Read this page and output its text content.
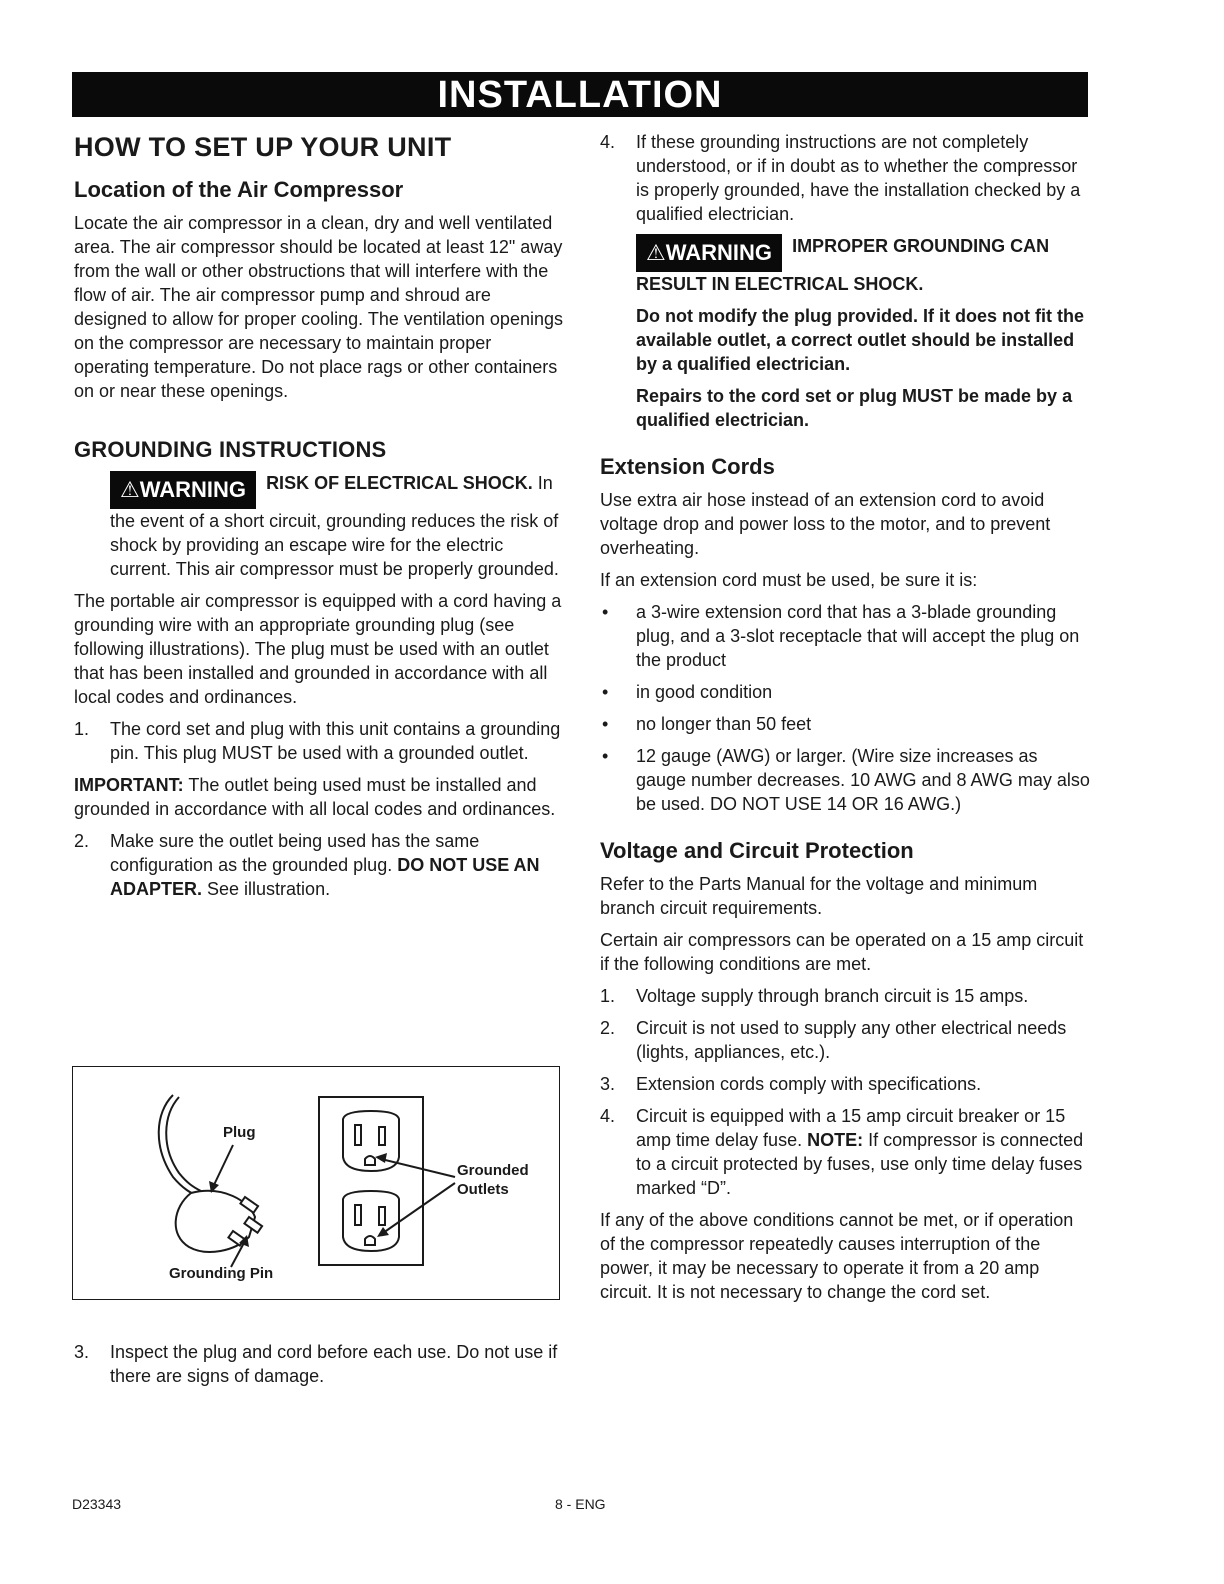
INSTALLATION
HOW TO SET UP YOUR UNIT
Location of the Air Compressor

Locate the air compressor in a clean, dry and well ventilated area. The air compressor should be located at least 12" away from the wall or other obstructions that will interfere with the flow of air. The air compressor pump and shroud are designed to allow for proper cooling. The ventilation openings on the compressor are necessary to maintain proper operating temperature. Do not place rags or other containers on or near these openings.

GROUNDING INSTRUCTIONS
⚠WARNING RISK OF ELECTRICAL SHOCK. In the event of a short circuit, grounding reduces the risk of shock by providing an escape wire for the electric current. This air compressor must be properly grounded.

The portable air compressor is equipped with a cord having a grounding wire with an appropriate grounding plug (see following illustrations). The plug must be used with an outlet that has been installed and grounded in accordance with all local codes and ordinances.

1. The cord set and plug with this unit contains a grounding pin. This plug MUST be used with a grounded outlet.

IMPORTANT: The outlet being used must be installed and grounded in accordance with all local codes and ordinances.

2. Make sure the outlet being used has the same configuration as the grounded plug. DO NOT USE AN ADAPTER. See illustration.
Plug
Grounding Pin
Grounded
Outlets
3. Inspect the plug and cord before each use. Do not use if there are signs of damage.
4. If these grounding instructions are not completely understood, or if in doubt as to whether the compressor is properly grounded, have the installation checked by a qualified electrician.
⚠WARNING IMPROPER GROUNDING CAN RESULT IN ELECTRICAL SHOCK.

Do not modify the plug provided. If it does not fit the available outlet, a correct outlet should be installed by a qualified electrician.

Repairs to the cord set or plug MUST be made by a qualified electrician.

Extension Cords

Use extra air hose instead of an extension cord to avoid voltage drop and power loss to the motor, and to prevent overheating.

If an extension cord must be used, be sure it is:

• a 3-wire extension cord that has a 3-blade grounding plug, and a 3-slot receptacle that will accept the plug on the product
• in good condition
• no longer than 50 feet
• 12 gauge (AWG) or larger. (Wire size increases as gauge number decreases. 10 AWG and 8 AWG may also be used. DO NOT USE 14 OR 16 AWG.)
Voltage and Circuit Protection

Refer to the Parts Manual for the voltage and minimum branch circuit requirements.

Certain air compressors can be operated on a 15 amp circuit if the following conditions are met.

1. Voltage supply through branch circuit is 15 amps.
2. Circuit is not used to supply any other electrical needs (lights, appliances, etc.).
3. Extension cords comply with specifications.
4. Circuit is equipped with a 15 amp circuit breaker or 15 amp time delay fuse. NOTE: If compressor is connected to a circuit protected by fuses, use only time delay fuses marked “D”.

If any of the above conditions cannot be met, or if operation of the compressor repeatedly causes interruption of the power, it may be necessary to operate it from a 20 amp circuit. It is not necessary to change the cord set.

D23343	8 - ENG
